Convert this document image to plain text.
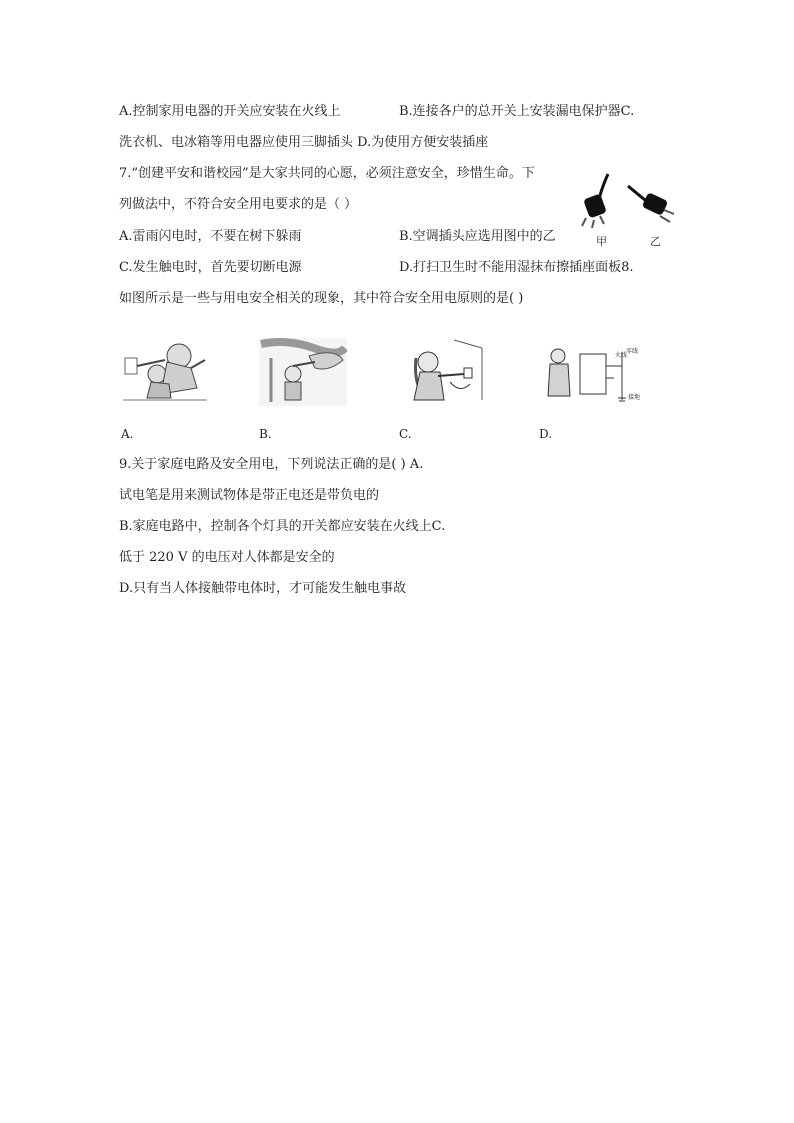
A.控制家用电器的开关应安装在火线上	B.连接各户的总开关上安装漏电保护器C.
洗衣机、电冰箱等用电器应使用三脚插头 D.为使用方便安装插座
7.“创建平安和谐校园”是大家共同的心愿，必须注意安全，珍惜生命。下
列做法中，不符合安全用电要求的是（ ）
甲	乙
A.雷雨闪电时，不要在树下躲雨	B.空调插头应选用图中的乙
C.发生触电时，首先要切断电源	D.打扫卫生时不能用湿抹布擦插座面板8.
如图所示是一些与用电安全相关的现象，其中符合安全用电原则的是( )
A.	B.	C.
火线
零线
接地
D.
9.关于家庭电路及安全用电，下列说法正确的是( ) A.
试电笔是用来测试物体是带正电还是带负电的
B.家庭电路中，控制各个灯具的开关都应安装在火线上C.
低于 220 V 的电压对人体都是安全的
D.只有当人体接触带电体时，才可能发生触电事故
